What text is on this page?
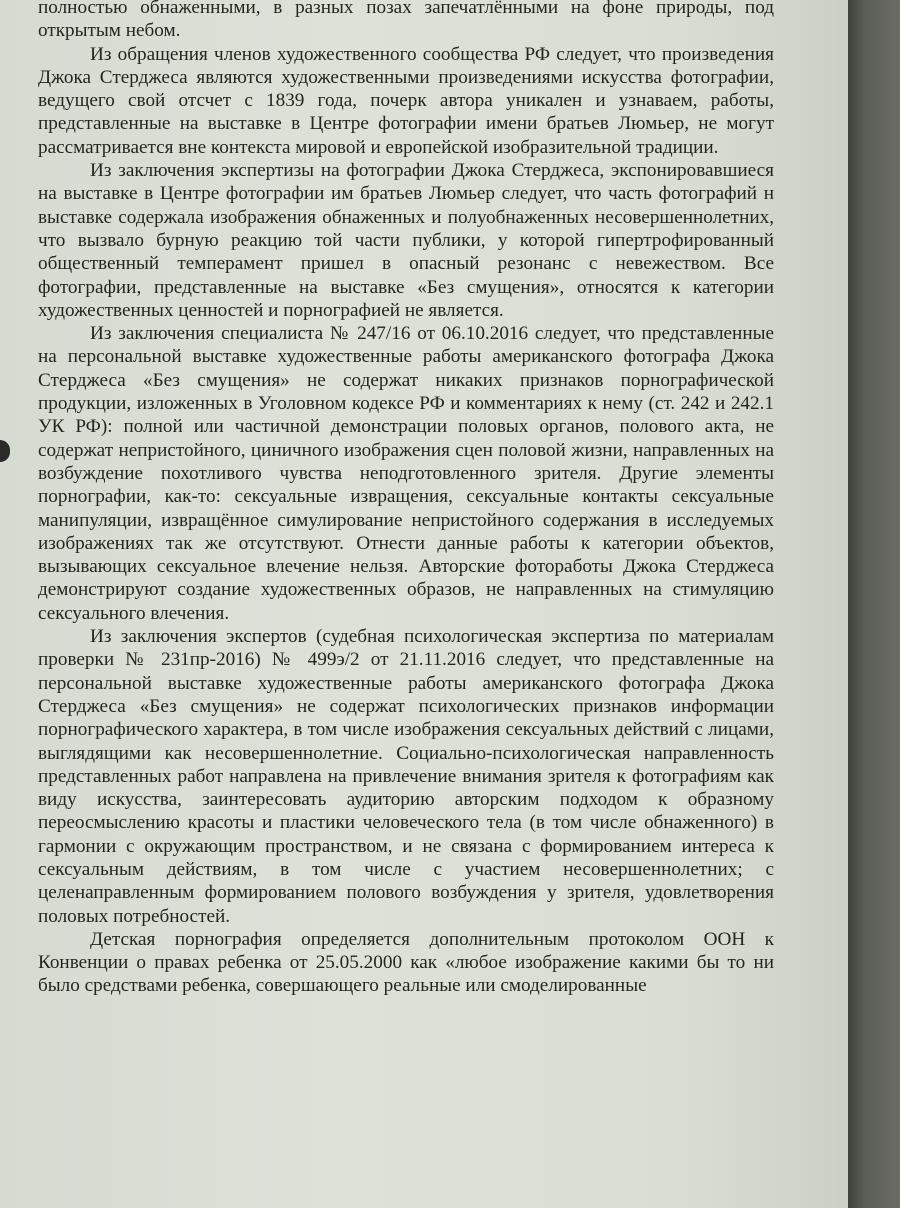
полностью обнаженными, в разных позах запечатлёнными на фоне природы, под открытым небом.

Из обращения членов художественного сообщества РФ следует, что произведения Джока Стерджеса являются художественными произведениями искусства фотографии, ведущего свой отсчет с 1839 года, почерк автора уникален и узнаваем, работы, представленные на выставке в Центре фотографии имени братьев Люмьер, не могут рассматривается вне контекста мировой и европейской изобразительной традиции.

Из заключения экспертизы на фотографии Джока Стерджеса, экспонировавшиеся на выставке в Центре фотографии им братьев Люмьер следует, что часть фотографий н выставке содержала изображения обнаженных и полуобнаженных несовершеннолетних, что вызвало бурную реакцию той части публики, у которой гипертрофированный общественный темперамент пришел в опасный резонанс с невежеством. Все фотографии, представленные на выставке «Без смущения», относятся к категории художественных ценностей и порнографией не является.

Из заключения специалиста № 247/16 от 06.10.2016 следует, что представленные на персональной выставке художественные работы американского фотографа Джока Стерджеса «Без смущения» не содержат никаких признаков порнографической продукции, изложенных в Уголовном кодексе РФ и комментариях к нему (ст. 242 и 242.1 УК РФ): полной или частичной демонстрации половых органов, полового акта, не содержат непристойного, циничного изображения сцен половой жизни, направленных на возбуждение похотливого чувства неподготовленного зрителя. Другие элементы порнографии, как-то: сексуальные извращения, сексуальные контакты сексуальные манипуляции, извращённое симулирование непристойного содержания в исследуемых изображениях так же отсутствуют. Отнести данные работы к категории объектов, вызывающих сексуальное влечение нельзя. Авторские фотоработы Джока Стерджеса демонстрируют создание художественных образов, не направленных на стимуляцию сексуального влечения.

Из заключения экспертов (судебная психологическая экспертиза по материалам проверки № 231пр-2016) № 499э/2 от 21.11.2016 следует, что представленные на персональной выставке художественные работы американского фотографа Джока Стерджеса «Без смущения» не содержат психологических признаков информации порнографического характера, в том числе изображения сексуальных действий с лицами, выглядящими как несовершеннолетние. Социально-психологическая направленность представленных работ направлена на привлечение внимания зрителя к фотографиям как виду искусства, заинтересовать аудиторию авторским подходом к образному переосмыслению красоты и пластики человеческого тела (в том числе обнаженного) в гармонии с окружающим пространством, и не связана с формированием интереса к сексуальным действиям, в том числе с участием несовершеннолетних; с целенаправленным формированием полового возбуждения у зрителя, удовлетворения половых потребностей.

Детская порнография определяется дополнительным протоколом ООН к Конвенции о правах ребенка от 25.05.2000 как «любое изображение какими бы то ни было средствами ребенка, совершающего реальные или смоделированные
